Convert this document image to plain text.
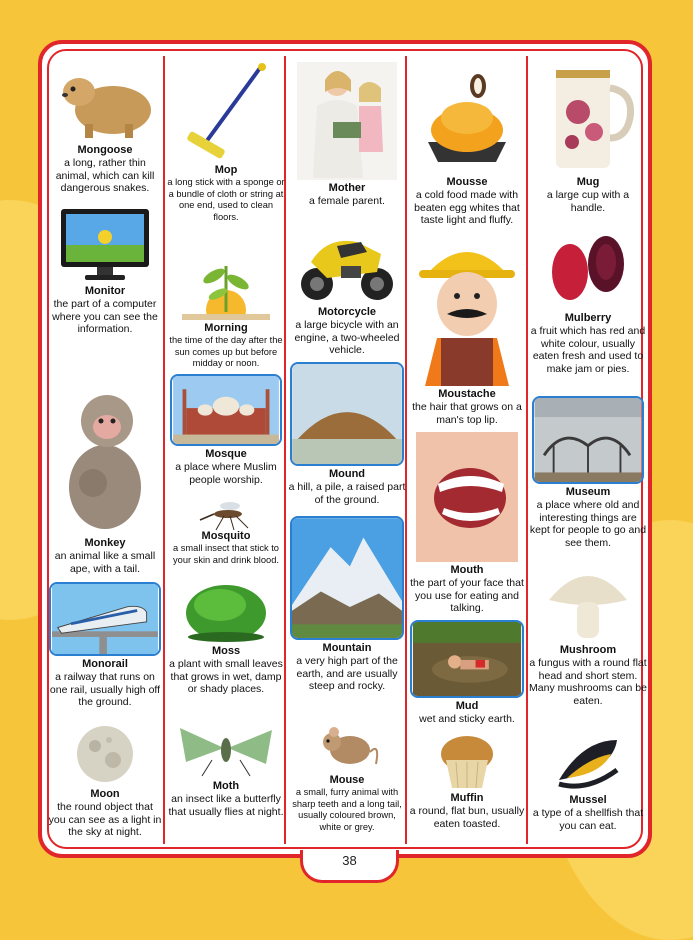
Mongoose
a long, rather thin animal, which can kill dangerous snakes.
Monitor
the part of a computer where you can see the information.
Monkey
an animal like a small ape, with a tail.
Monorail
a railway that runs on one rail, usually high off the ground.
Moon
the round object that you can see as a light in the sky at night.
Mop
a long stick with a sponge or a bundle of cloth or string at one end, used to clean floors.
Morning
the time of the day after the sun comes up but before midday or noon.
Mosque
a place where Muslim people worship.
Mosquito
a small insect that stick to your skin and drink blood.
Moss
a plant with small leaves that grows in wet, damp or shady places.
Moth
an insect like a butterfly that usually flies at night.
Mother
a female parent.
Motorcycle
a large bicycle with an engine, a two-wheeled vehicle.
Mound
a hill, a pile, a raised part of the ground.
Mountain
a very high part of the earth, and are usually steep and rocky.
Mouse
a small, furry animal with sharp teeth and a long tail, usually coloured brown, white or grey.
Mousse
a cold food made with beaten egg whites that taste light and fluffy.
Moustache
the hair that grows on a man's top lip.
Mouth
the part of your face that you use for eating and talking.
Mud
wet and sticky earth.
Muffin
a round, flat bun, usually eaten toasted.
Mug
a large cup with a handle.
Mulberry
a fruit which has red and white colour, usually eaten fresh and used to make jam or pies.
Museum
a place where old and interesting things are kept for people to go and see them.
Mushroom
a fungus with a round flat head and short stem. Many mushrooms can be eaten.
Mussel
a type of a shellfish that you can eat.
38
